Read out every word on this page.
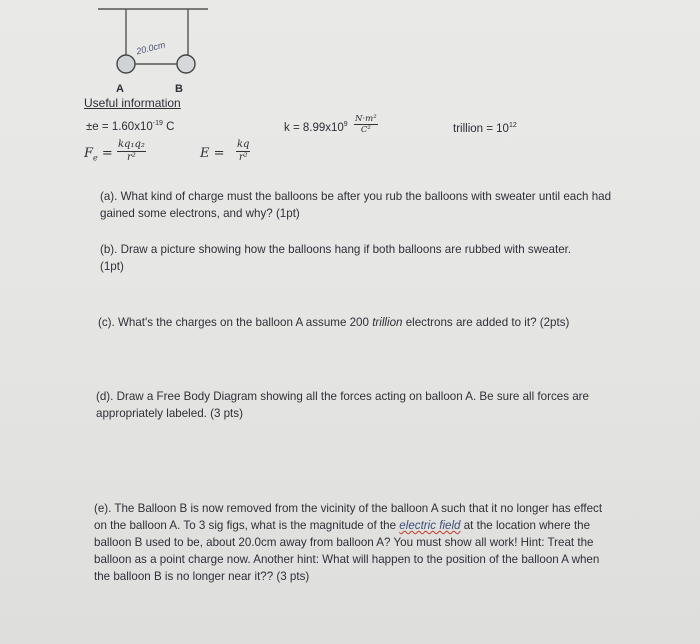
20.0cm
A	B
Useful information
$\pm e = 1.60x10^{-19}$ C	$k = 8.99x10^9 \frac{\text{N·m²}}{\text{C²}}$	trillion = $10^{12}$
$F_e = \frac{\text{kq₁q₂}}{\text{r²}}$	$E = \frac{kq}{\text{r²}}$
(a). What kind of charge must the balloons be after you rub the balloons with sweater until each had gained some electrons, and why? (1pt)
(b). Draw a picture showing how the balloons hang if both balloons are rubbed with sweater. (1pt)
(c). What's the charges on the balloon A assume 200 trillion electrons are added to it? (2pts)
(d). Draw a Free Body Diagram showing all the forces acting on balloon A. Be sure all forces are appropriately labeled. (3 pts)
(e). The Balloon B is now removed from the vicinity of the balloon A such that it no longer has effect on the balloon A. To 3 sig figs, what is the magnitude of the electric field at the location where the balloon B used to be, about 20.0cm away from balloon A? You must show all work! Hint: Treat the balloon as a point charge now. Another hint: What will happen to the position of the balloon A when the balloon B is no longer near it?? (3 pts)
